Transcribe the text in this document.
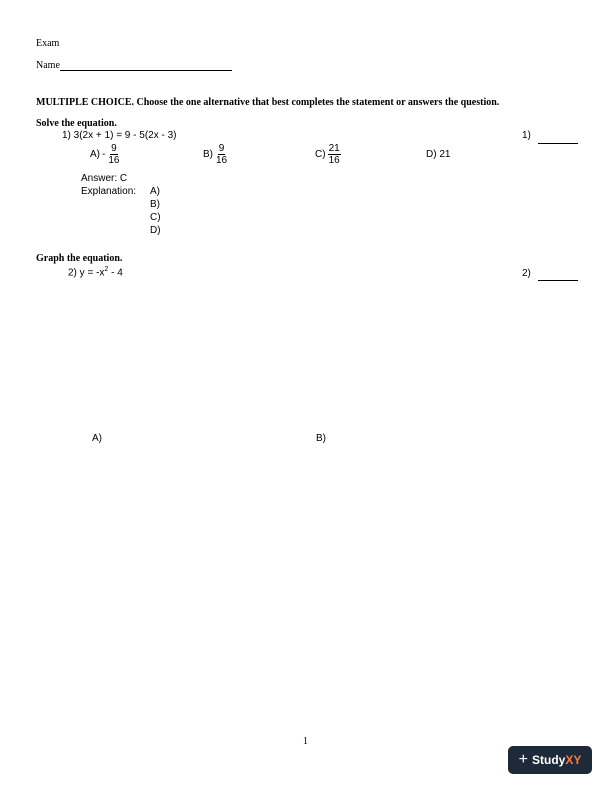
Exam
Name
MULTIPLE CHOICE. Choose the one alternative that best completes the statement or answers the question.
Solve the equation.
1) 3(2x + 1) = 9 - 5(2x - 3)	1)
$A) - \frac{9}{16}$	$B) \frac{9}{16}$	$C) \frac{21}{16}$	D) 21
Answer: C
Explanation: A)
B)
C)
D)
Graph the equation.
2) $y = -x^2 - 4$	2)
A)	B)
1
+ StudyXY
